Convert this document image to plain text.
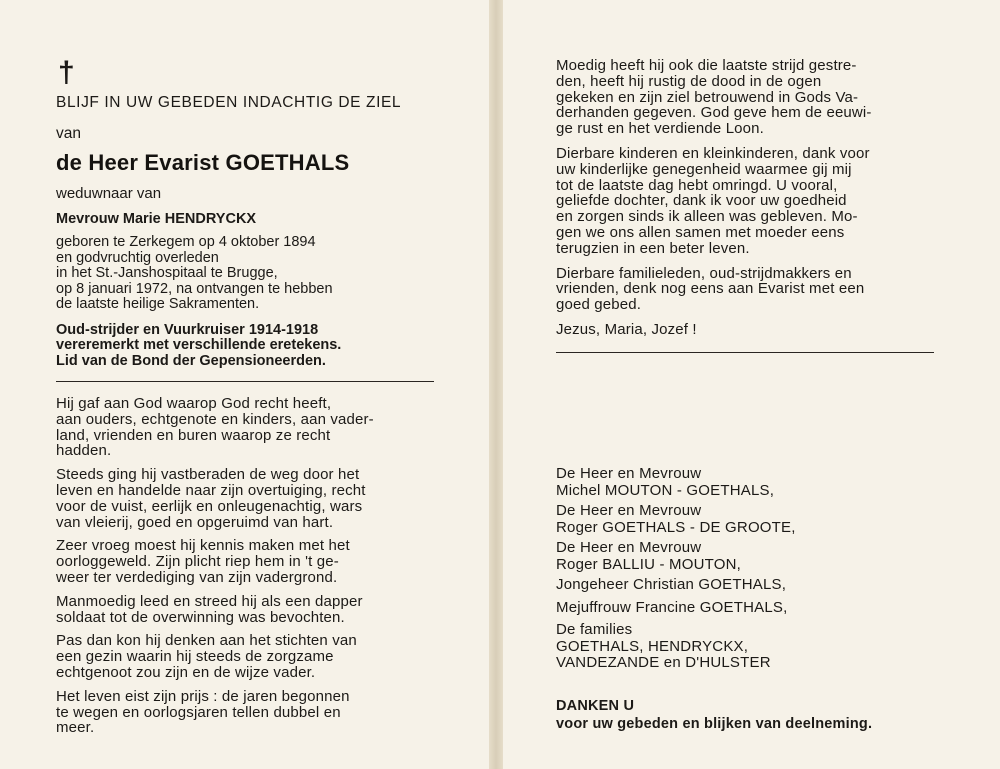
†
BLIJF IN UW GEBEDEN INDACHTIG DE ZIEL
van
de Heer Evarist GOETHALS
weduwnaar van
Mevrouw Marie HENDRYCKX
geboren te Zerkegem op 4 oktober 1894
en godvruchtig overleden
in het St.-Janshospitaal te Brugge,
op 8 januari 1972, na ontvangen te hebben
de laatste heilige Sakramenten.
Oud-strijder en Vuurkruiser 1914-1918
vereremerkt met verschillende eretekens.
Lid van de Bond der Gepensioneerden.
Hij gaf aan God waarop God recht heeft,
aan ouders, echtgenote en kinders, aan vader-
land, vrienden en buren waarop ze recht
hadden.
Steeds ging hij vastberaden de weg door het
leven en handelde naar zijn overtuiging, recht
voor de vuist, eerlijk en onleugenachtig, wars
van vleierij, goed en opgeruimd van hart.
Zeer vroeg moest hij kennis maken met het
oorloggeweld. Zijn plicht riep hem in 't ge-
weer ter verdediging van zijn vadergrond.
Manmoedig leed en streed hij als een dapper
soldaat tot de overwinning was bevochten.
Pas dan kon hij denken aan het stichten van
een gezin waarin hij steeds de zorgzame
echtgenoot zou zijn en de wijze vader.
Het leven eist zijn prijs : de jaren begonnen
te wegen en oorlogsjaren tellen dubbel en
meer.
Moedig heeft hij ook die laatste strijd gestre-
den, heeft hij rustig de dood in de ogen
gekeken en zijn ziel betrouwend in Gods Va-
derhanden gegeven. God geve hem de eeuwi-
ge rust en het verdiende Loon.
Dierbare kinderen en kleinkinderen, dank voor
uw kinderlijke genegenheid waarmee gij mij
tot de laatste dag hebt omringd. U vooral,
geliefde dochter, dank ik voor uw goedheid
en zorgen sinds ik alleen was gebleven. Mo-
gen we ons allen samen met moeder eens
terugzien in een beter leven.
Dierbare familieleden, oud-strijdmakkers en
vrienden, denk nog eens aan Evarist met een
goed gebed.
Jezus, Maria, Jozef !
De Heer en Mevrouw
Michel MOUTON - GOETHALS,
De Heer en Mevrouw
Roger GOETHALS - DE GROOTE,
De Heer en Mevrouw
Roger BALLIU - MOUTON,
Jongeheer Christian GOETHALS,
Mejuffrouw Francine GOETHALS,
De families
GOETHALS, HENDRYCKX,
VANDEZANDE en D'HULSTER
DANKEN U
voor uw gebeden en blijken van deelneming.
